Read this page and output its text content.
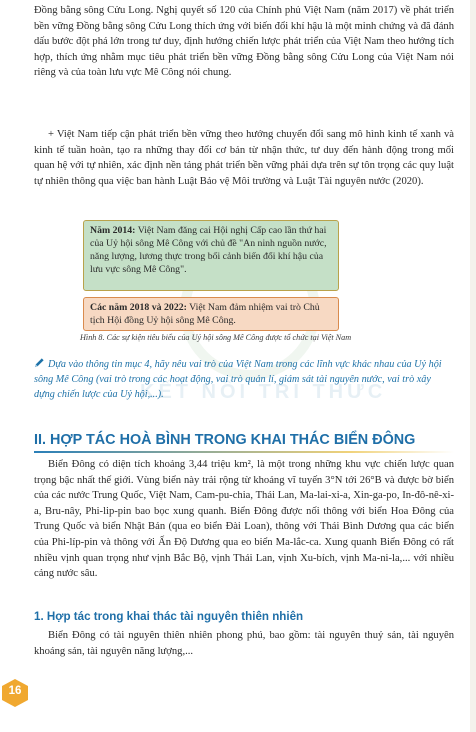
Đồng bằng sông Cửu Long. Nghị quyết số 120 của Chính phủ Việt Nam (năm 2017) về phát triển bền vững Đồng bằng sông Cửu Long thích ứng với biến đổi khí hậu là một minh chứng và đã đánh dấu bước đột phá lớn trong tư duy, định hướng chiến lược phát triển của Việt Nam theo hướng tích hợp, thích ứng nhằm mục tiêu phát triển bền vững Đồng bằng sông Cửu Long của Việt Nam nói riêng và của toàn lưu vực Mê Công nói chung.

+ Việt Nam tiếp cận phát triển bền vững theo hướng chuyển đổi sang mô hình kinh tế xanh và kinh tế tuần hoàn, tạo ra những thay đổi cơ bản từ nhận thức, tư duy đến hành động trong mối quan hệ với tự nhiên, xác định nền tảng phát triển bền vững phải dựa trên sự tôn trọng các quy luật tự nhiên thông qua việc ban hành Luật Bảo vệ Môi trường và Luật Tài nguyên nước (2020).

Năm 2014: Việt Nam đăng cai Hội nghị Cấp cao lần thứ hai của Uỷ hội sông Mê Công với chủ đề "An ninh nguồn nước, năng lượng, lương thực trong bối cảnh biến đổi khí hậu của lưu vực sông Mê Công".
Các năm 2018 và 2022: Việt Nam đảm nhiệm vai trò Chủ tịch Hội đồng Uỷ hội sông Mê Công.
Hình 8. Các sự kiện tiêu biểu của Uỷ hội sông Mê Công được tổ chức tại Việt Nam
Dựa vào thông tin mục 4, hãy nêu vai trò của Việt Nam trong các lĩnh vực khác nhau của Uỷ hội sông Mê Công (vai trò trong các hoạt động, vai trò quản lí, giám sát tài nguyên nước, vai trò xây dựng chiến lược của Uỷ hội,...).
KẾT NỐI TRI THỨC
II. HỢP TÁC HOÀ BÌNH TRONG KHAI THÁC BIỂN ĐÔNG

Biển Đông có diện tích khoảng 3,44 triệu km², là một trong những khu vực chiến lược quan trọng bậc nhất thế giới. Vùng biển này trải rộng từ khoảng vĩ tuyến 3°N tới 26°B và được bờ biển của các nước Trung Quốc, Việt Nam, Cam-pu-chia, Thái Lan, Ma-lai-xi-a, Xin-ga-po, In-đô-nê-xi-a, Bru-nây, Phi-lip-pin bao bọc xung quanh. Biển Đông được nối thông với biển Hoa Đông của Trung Quốc và biển Nhật Bản (qua eo biển Đài Loan), thông với Thái Bình Dương qua các biển của Phi-líp-pin và thông với Ấn Độ Dương qua eo biển Ma-lắc-ca. Xung quanh Biển Đông có rất nhiều vịnh quan trọng như vịnh Bắc Bộ, vịnh Thái Lan, vịnh Xu-bích, vịnh Ma-ni-la,... với nhiều cảng nước sâu.

1. Hợp tác trong khai thác tài nguyên thiên nhiên

Biển Đông có tài nguyên thiên nhiên phong phú, bao gồm: tài nguyên thuỷ sản, tài nguyên khoáng sản, tài nguyên năng lượng,...

16
